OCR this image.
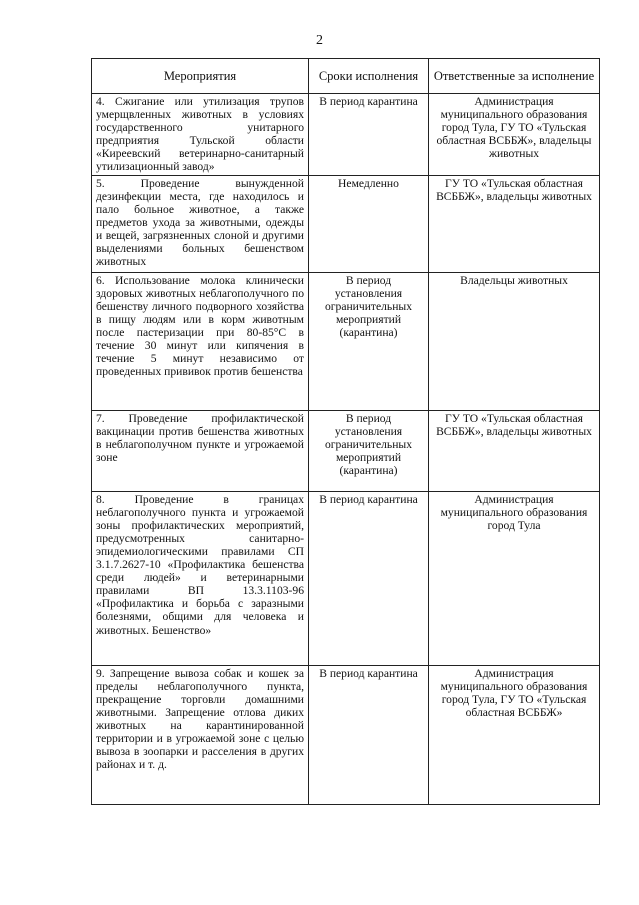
2
Мероприятия	Сроки исполнения	Ответственные за исполнение
4. Сжигание или утилизация трупов умерщвленных животных в условиях государственного унитарного предприятия Тульской области «Киреевский ветеринарно-санитарный утилизационный завод»	В период карантина	Администрация муниципального образования город Тула, ГУ ТО «Тульская областная ВСББЖ», владельцы животных
5. Проведение вынужденной дезинфекции места, где находилось и пало больное животное, а также предметов ухода за животными, одежды и вещей, загрязненных слоной и другими выделениями больных бешенством животных	Немедленно	ГУ ТО «Тульская областная ВСББЖ», владельцы животных
6. Использование молока клинически здоровых животных неблагополучного по бешенству личного подворного хозяйства в пищу людям или в корм животным после пастеризации при 80-85°С в течение 30 минут или кипячения в течение 5 минут независимо от проведенных прививок против бешенства	В период установления ограничительных мероприятий (карантина)	Владельцы животных
7. Проведение профилактической вакцинации против бешенства животных в неблагополучном пункте и угрожаемой зоне	В период установления ограничительных мероприятий (карантина)	ГУ ТО «Тульская областная ВСББЖ», владельцы животных
8. Проведение в границах неблагополучного пункта и угрожаемой зоны профилактических мероприятий, предусмотренных санитарно-эпидемиологическими правилами СП 3.1.7.2627-10 «Профилактика бешенства среди людей» и ветеринарными правилами ВП 13.3.1103-96 «Профилактика и борьба с заразными болезнями, общими для человека и животных. Бешенство»	В период карантина	Администрация муниципального образования город Тула
9. Запрещение вывоза собак и кошек за пределы неблагополучного пункта, прекращение торговли домашними животными. Запрещение отлова диких животных на карантинированной территории и в угрожаемой зоне с целью вывоза в зоопарки и расселения в других районах и т. д.	В период карантина	Администрация муниципального образования город Тула, ГУ ТО «Тульская областная ВСББЖ»
